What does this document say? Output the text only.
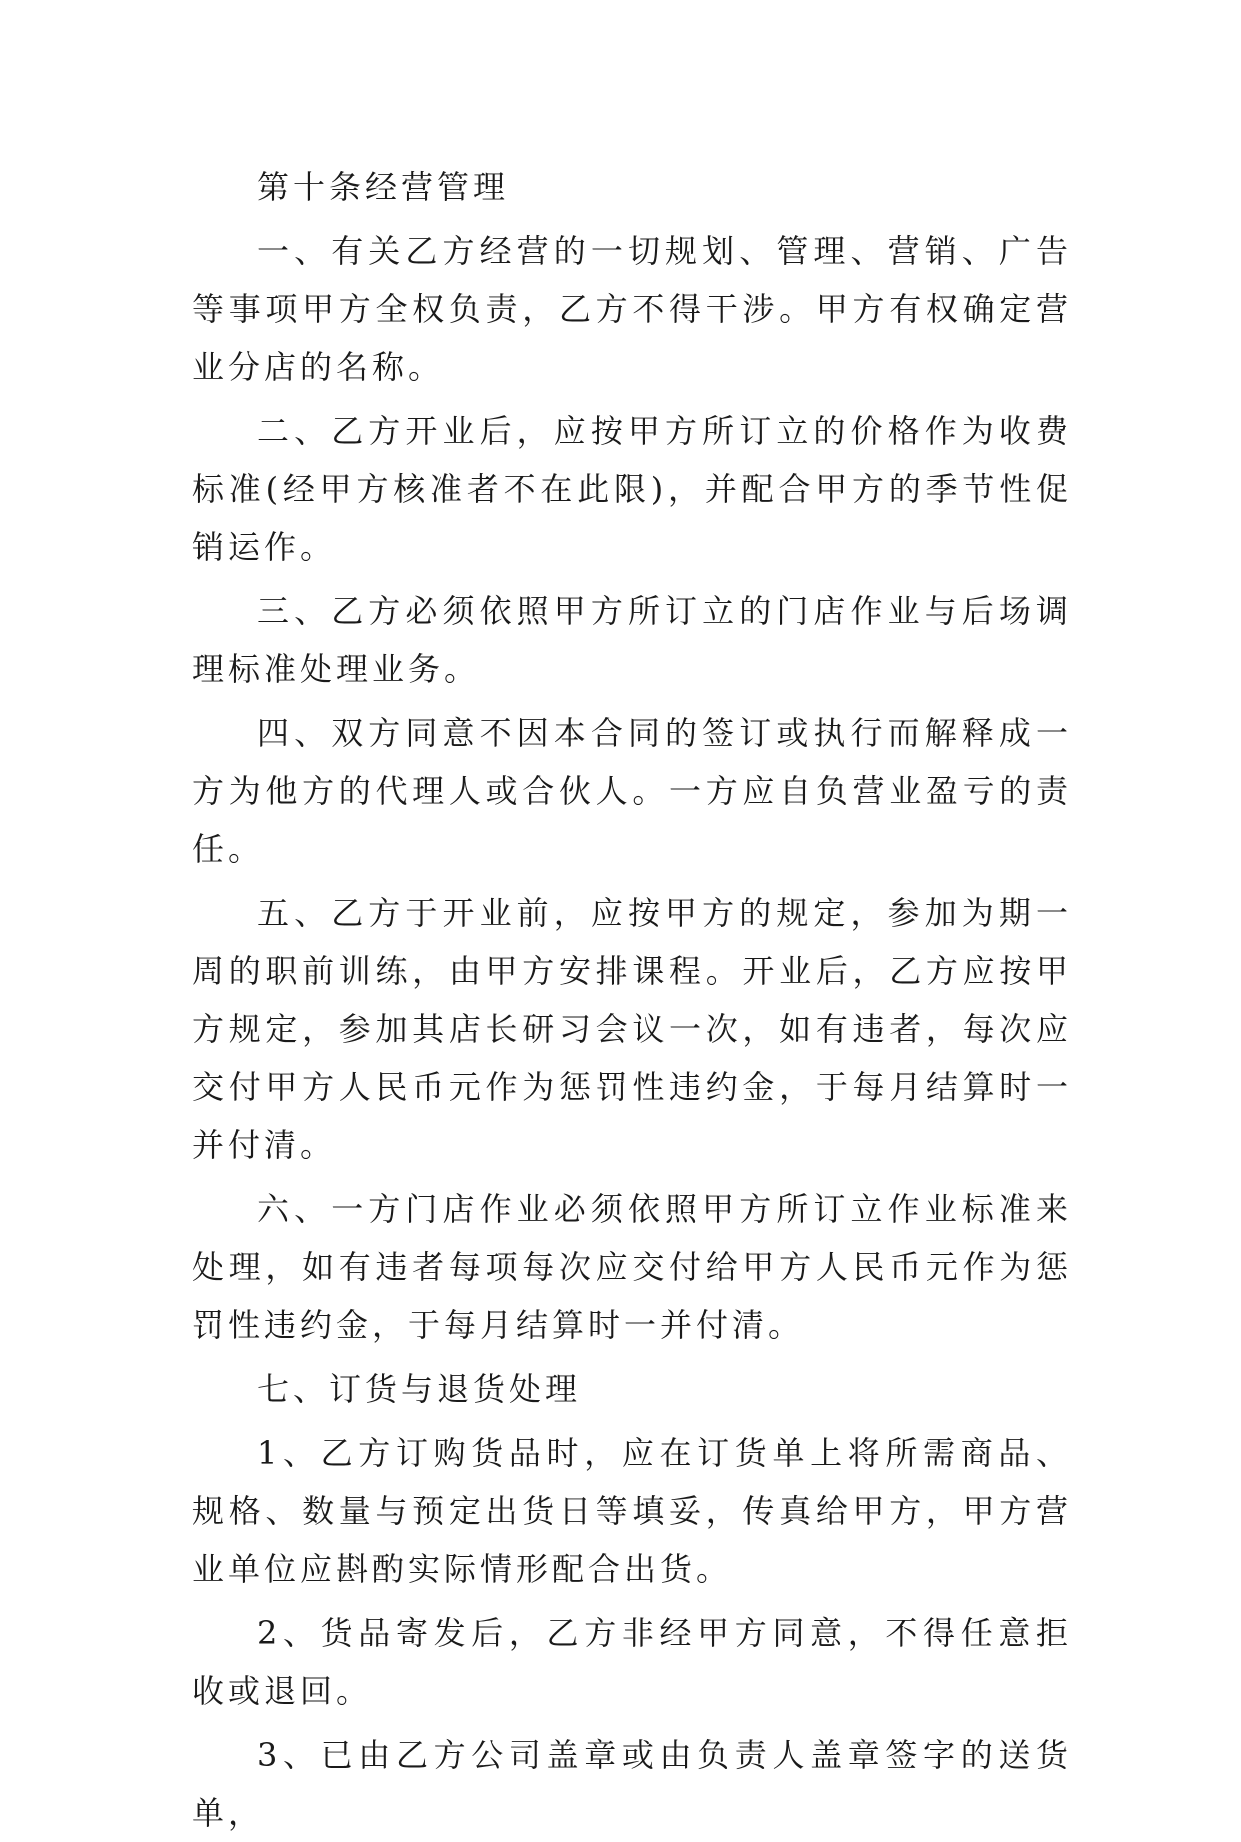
第十条经营管理

一、有关乙方经营的一切规划、管理、营销、广告等事项甲方全权负责，乙方不得干涉。甲方有权确定营业分店的名称。

二、乙方开业后，应按甲方所订立的价格作为收费标准(经甲方核准者不在此限)，并配合甲方的季节性促销运作。

三、乙方必须依照甲方所订立的门店作业与后场调理标准处理业务。

四、双方同意不因本合同的签订或执行而解释成一方为他方的代理人或合伙人。一方应自负营业盈亏的责任。

五、乙方于开业前，应按甲方的规定，参加为期一周的职前训练，由甲方安排课程。开业后，乙方应按甲方规定，参加其店长研习会议一次，如有违者，每次应交付甲方人民币元作为惩罚性违约金，于每月结算时一并付清。

六、一方门店作业必须依照甲方所订立作业标准来处理，如有违者每项每次应交付给甲方人民币元作为惩罚性违约金，于每月结算时一并付清。

七、订货与退货处理

1、乙方订购货品时，应在订货单上将所需商品、规格、数量与预定出货日等填妥，传真给甲方，甲方营业单位应斟酌实际情形配合出货。

2、货品寄发后，乙方非经甲方同意，不得任意拒收或退回。

3、已由乙方公司盖章或由负责人盖章签字的送货单，
